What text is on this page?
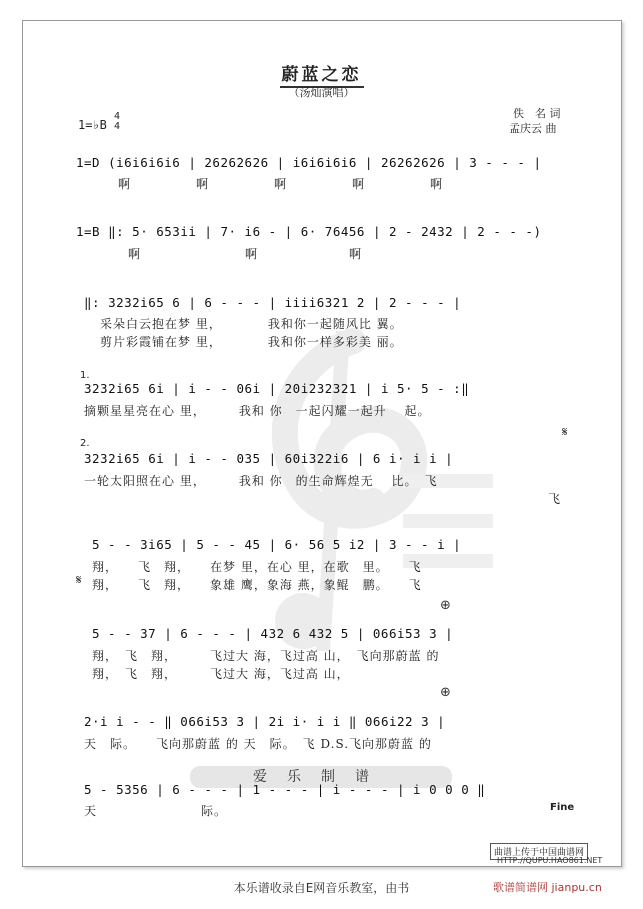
蔚蓝之恋
（汤灿演唱）
佚　名 词
孟庆云 曲
1=♭B
4
4
1=D (i6i6i6i6 | 2626̇2626 | i6i6i6i6 | 2626̇2626 | 3 - - - |
啊　　　　　啊　　　　　啊　　　　　啊　　　　　啊
1=B ‖: 5· 6̇53ii | 7· i6 - | 6· 76456 | 2 - 2432 | 2 - - -)
啊　　　　　　　　啊　　　　　　　啊
‖: 3232i65 6 | 6 - - - | iiii6321 2 | 2 - - - |
采朵白云抱在梦 里，　　　　我和你一起随风比 翼。
剪片彩霞铺在梦 里，　　　　我和你一样多彩美 丽。
1.
3232i65 6i | i - - 06i | 20i232321 | i 5· 5 - :‖
摘颗星星亮在心 里，　　　我和 你　一起闪耀一起升　 起。
2.
𝄋
3232i65 6i | i - - 035 | 60i322i6 | 6 i· i i |
一轮太阳照在心 里，　　　我和 你　的生命辉煌无　 比。　飞
飞
5 - - 3i65 | 5 - - 45 | 6· 56 5 i2 | 3 - - i |
翔，　　飞　翔，　　在梦 里，在心 里，在歌　里。　　飞
𝄋 翔，　　飞　翔，　　象雄 鹰，象海 燕，象鲲　鹏。　　飞
⊕
5 - - 37 | 6 - - - | 432 6 432 5 | 066i53 3 |
翔，　飞　翔，　　　飞过大 海，飞过高 山，　飞向那蔚蓝 的
翔，　飞　翔，　　　飞过大 海，飞过高 山，
⊕
2·i i - - ‖ 066i53 3 | 2i i· i i ‖ 066i22 3 |
天　际。　　飞向那蔚蓝 的 天　际。　飞 D.S.飞向那蔚蓝 的
爱乐制谱
5 - 5356 | 6 - - - | 1 - - - | i - - - | i 0 0 0 ‖
天　　　　　　　　际。	Fine
曲谱上传于中国曲谱网
HTTP://QUPU.HAO861.NET
本乐谱收录自E网音乐教室，由书	歌谱简谱网 jianpu.cn
